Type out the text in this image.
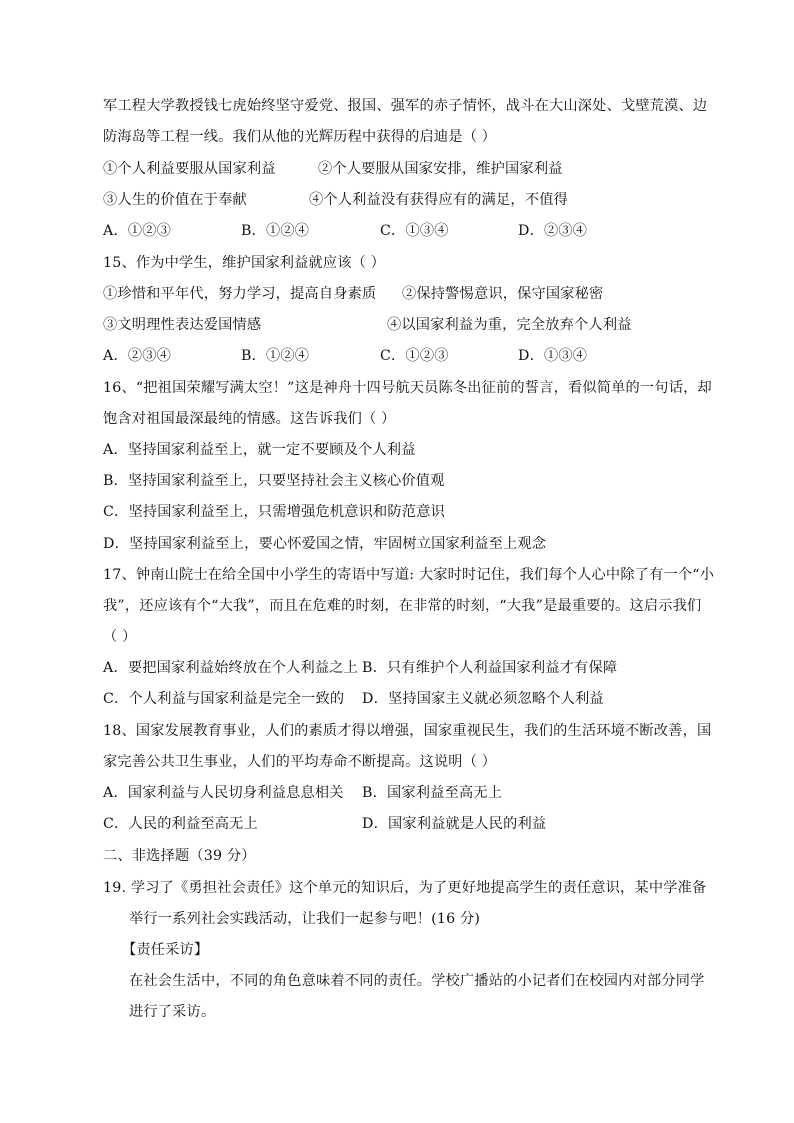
军工程大学教授钱七虎始终坚守爱党、报国、强军的赤子情怀，战斗在大山深处、戈壁荒漠、边
防海岛等工程一线。我们从他的光辉历程中获得的启迪是（ ）
①个人利益要服从国家利益	②个人要服从国家安排，维护国家利益
③人生的价值在于奉献	④个人利益没有获得应有的满足，不值得
A．①②③	B．①②④	C．①③④	D．②③④
15、作为中学生，维护国家利益就应该（ ）
①珍惜和平年代，努力学习，提高自身素质 ②保持警惕意识，保守国家秘密
③文明理性表达爱国情感	④以国家利益为重，完全放弃个人利益
A．②③④	B．①②④	C．①②③	D．①③④
16、“把祖国荣耀写满太空！”这是神舟十四号航天员陈冬出征前的誓言，看似简单的一句话，却
饱含对祖国最深最纯的情感。这告诉我们（ ）
A．坚持国家利益至上，就一定不要顾及个人利益
B．坚持国家利益至上，只要坚持社会主义核心价值观
C．坚持国家利益至上，只需增强危机意识和防范意识
D．坚持国家利益至上，要心怀爱国之情，牢固树立国家利益至上观念
17、钟南山院士在给全国中小学生的寄语中写道: 大家时时记住，我们每个人心中除了有一个“小
我”，还应该有个“大我”，而且在危难的时刻，在非常的时刻，“大我”是最重要的。这启示我们
（ ）
A．要把国家利益始终放在个人利益之上 B．只有维护个人利益国家利益才有保障
C．个人利益与国家利益是完全一致的 D．坚持国家主义就必须忽略个人利益
18、国家发展教育事业，人们的素质才得以增强，国家重视民生，我们的生活环境不断改善，国
家完善公共卫生事业，人们的平均寿命不断提高。这说明（ ）
A．国家利益与人民切身利益息息相关 B．国家利益至高无上
C．人民的利益至高无上	D．国家利益就是人民的利益
二、非选择题（39 分）
19. 学习了《勇担社会责任》这个单元的知识后，为了更好地提高学生的责任意识，某中学准备
举行一系列社会实践活动，让我们一起参与吧！(16 分)
【责任采访】
在社会生活中，不同的角色意味着不同的责任。学校广播站的小记者们在校园内对部分同学
进行了采访。
